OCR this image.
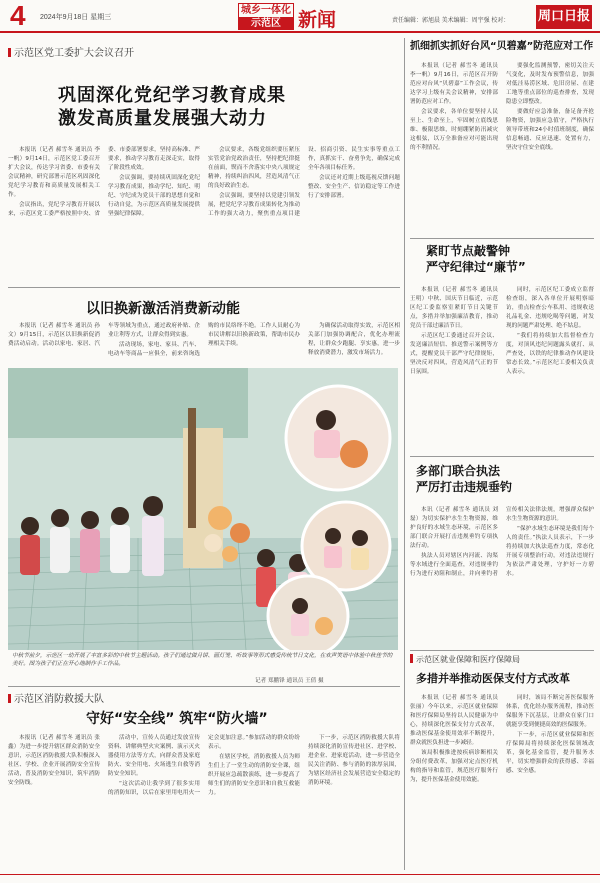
4 2024年9月18日 星期三
城乡一体化
示范区 新闻	责任编辑：郭旭晨 美术编辑：周宇强 校对： 周口日报
示范区党工委扩大会议召开
巩固深化党纪学习教育成果
激发高质量发展强大动力

本报讯（记者 郝雪冬 通讯员 李一帆）9月14日，示范区党工委召开扩大会议，传达学习省委、市委有关会议精神，研究部署示范区巩固深化党纪学习教育和高质量发展相关工作。

会议指出，党纪学习教育开展以来，示范区党工委严格按照中央、省委、市委部署要求，坚持高标准、严要求，推动学习教育走深走实，取得了阶段性成效。

会议强调，要持续巩固深化党纪学习教育成果，推动学纪、知纪、明纪、守纪成为党员干部的思想自觉和行动自觉，为示范区高质量发展提供坚强纪律保障。

会议要求，各级党组织要压紧压实管党治党政治责任，坚持把纪律挺在前面，锲而不舍落实中央八项规定精神，持续纠治四风，营造风清气正的良好政治生态。

会议强调，要坚持以党建引领发展，把党纪学习教育成果转化为推动工作的强大动力，聚焦重点项目建设、招商引资、民生实事等重点工作，真抓实干、奋勇争先，确保完成全年各项目标任务。

会议还对近期上级巡视反馈问题整改、安全生产、信访稳定等工作进行了安排部署。

以旧换新激活消费新动能

本报讯（记者 郝雪冬 通讯员 孙文）9月15日，示范区以旧换新促消费活动启动。活动以家电、家居、汽车等领域为重点，通过政府补贴、企业让利等方式，让群众得到实惠。

活动现场，家电、家具、汽车、电动车等商品一应俱全，前来咨询选购的市民络绎不绝。工作人员耐心为市民讲解以旧换新政策，帮助市民办理相关手续。

为确保活动取得实效，示范区相关部门加强协调配合，优化办理流程，让群众少跑腿、享实惠，进一步释放消费潜力，激发市场活力。

中秋节前夕，示范区一幼开展了丰富多彩的中秋节主题活动。孩子们通过做月饼、画灯笼、听故事等形式感受传统节日文化，在欢声笑语中体验中秋佳节的美好。图为孩子们正在开心地制作手工作品。
记者 郑鹏锋 通讯员 王倩 摄
示范区消防救援大队
守好“安全线” 筑牢“防火墙”

本报讯（记者 郝雪冬 通讯员 张鑫）为进一步提升辖区群众消防安全意识，示范区消防救援大队积极深入社区、学校、企业开展消防安全宣传活动，普及消防安全知识，筑牢消防安全防线。

活动中，宣传人员通过发放宣传资料、讲解典型火灾案例、演示灭火器使用方法等方式，向群众普及家庭防火、安全用电、火场逃生自救等消防安全知识。

“这次活动让我学到了很多实用的消防知识，以后在家里用电用火一定会更加注意。”参加活动的群众纷纷表示。

在辖区学校，消防救援人员为师生们上了一堂生动的消防安全课，组织开展应急疏散演练，进一步提高了师生们的消防安全意识和自救互救能力。

下一步，示范区消防救援大队将持续深化消防宣传进社区、进学校、进企业、进家庭活动，进一步营造全民关注消防、参与消防的浓厚氛围，为辖区经济社会发展营造安全稳定的消防环境。

抓细抓实抓好台风“贝碧嘉”防范应对工作

本报讯（记者 郝雪冬 通讯员 李一帆）9月16日，示范区召开防范应对台风“贝碧嘉”工作会议，传达学习上级有关会议精神，安排部署防范应对工作。

会议要求，各单位要坚持人民至上、生命至上，牢固树立底线思维、极限思维，时刻绷紧防汛减灾这根弦，以万全准备应对可能出现的不利情况。

要强化监测预警，密切关注天气变化，及时发布预警信息，加强对低洼易涝区域、危旧房屋、在建工地等重点部位的巡查排查，发现隐患立即整改。

要做好应急准备，备足备齐抢险物资，加强应急值守，严格执行领导带班和24小时值班制度，确保信息畅通、反应迅速、处置有力，坚决守住安全底线。

紧盯节点敲警钟
严守纪律过“廉节”

本报讯（记者 郝雪冬 通讯员 王明）中秋、国庆节日临近，示范区纪工委监察室紧盯节日关键节点，多措并举加强廉洁教育，推动党员干部过廉洁节日。

示范区纪工委通过召开会议、发送廉洁短信、推送警示案例等方式，提醒党员干部严守纪律规矩，坚决反对四风，营造风清气正的节日氛围。

同时，示范区纪工委成立监督检查组，深入各单位开展明察暗访，重点检查公车私用、违规收送礼品礼金、违规吃喝等问题，对发现的问题严肃处理、绝不姑息。

“我们将持续加大监督检查力度，对顶风违纪问题露头就打、从严查处，以铁的纪律推动作风建设常态长效。”示范区纪工委相关负责人表示。

多部门联合执法
严厉打击违规垂钓

本讯（记者 郝雪冬 通讯员 刘磊）为切实保护水生生物资源，维护良好的水域生态环境，示范区多部门联合开展打击违规垂钓专项执法行动。

执法人员对辖区内河流、沟渠等水域进行全面巡查，对违规垂钓行为进行劝阻和制止，并向垂钓者宣传相关法律法规，增强群众保护水生生物资源的意识。

“保护水域生态环境是我们每个人的责任。”执法人员表示，下一步将持续加大执法巡查力度，常态化开展专项整治行动，对违法违规行为依法严肃处理，守护好一方碧水。

示范区就业保障和医疗保障局
多措并举推动医保支付方式改革

本报讯（记者 郝雪冬 通讯员 张丽）今年以来，示范区就业保障和医疗保障局坚持以人民健康为中心，持续深化医保支付方式改革，推动医保基金使用效率不断提升，群众就医负担进一步减轻。

该局积极推进按疾病诊断相关分组付费改革，加强对定点医疗机构的指导和监管，规范医疗服务行为，提升医保基金使用效能。

同时，该局不断完善医保服务体系，优化经办服务流程，推动医保服务下沉基层，让群众在家门口就能享受到便捷高效的医保服务。

下一步，示范区就业保障和医疗保障局将持续深化医保领域改革，强化基金监管，提升服务水平，切实增强群众的获得感、幸福感、安全感。
